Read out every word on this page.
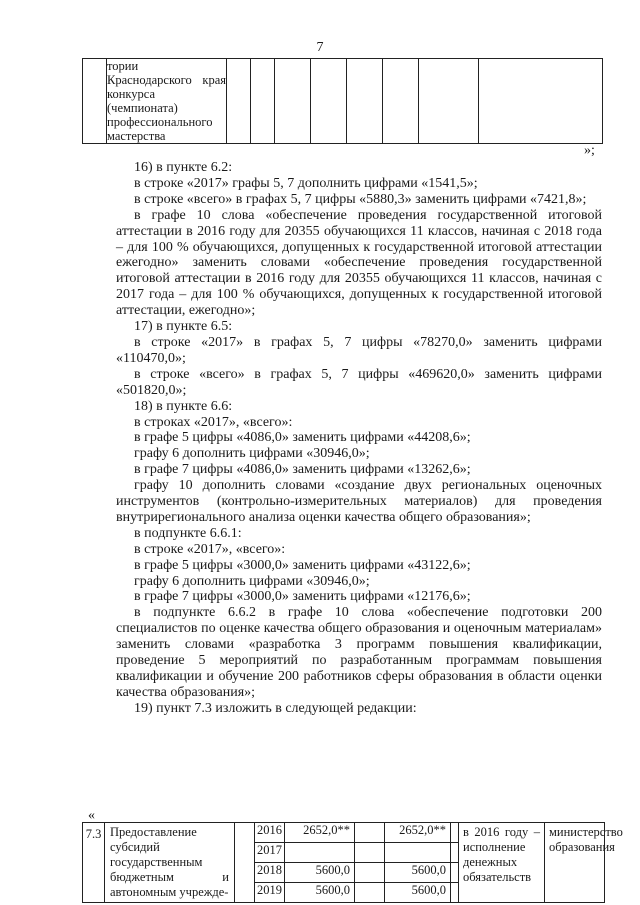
7
	тории Краснодарского края конкурса (чемпионата) профессионального мастерства								
»;

16) в пункте 6.2:

в строке «2017» графы 5, 7 дополнить цифрами «1541,5»;

в строке «всего» в графах 5, 7 цифры «5880,3» заменить цифрами «7421,8»;

в графе 10 слова «обеспечение проведения государственной итоговой аттестации в 2016 году для 20355 обучающихся 11 классов, начиная с 2018 года – для 100 % обучающихся, допущенных к государственной итоговой аттестации ежегодно» заменить словами «обеспечение проведения государственной итоговой аттестации в 2016 году для 20355 обучающихся 11 классов, начиная с 2017 года – для 100 % обучающихся, допущенных к государственной итоговой аттестации, ежегодно»;

17) в пункте 6.5:

в строке «2017» в графах 5, 7 цифры «78270,0» заменить цифрами «110470,0»;

в строке «всего» в графах 5, 7 цифры «469620,0» заменить цифрами «501820,0»;

18) в пункте 6.6:

в строках «2017», «всего»:

в графе 5 цифры «4086,0» заменить цифрами «44208,6»;

графу 6 дополнить цифрами «30946,0»;

в графе 7 цифры «4086,0» заменить цифрами «13262,6»;

графу 10 дополнить словами «создание двух региональных оценочных инструментов (контрольно-измерительных материалов) для проведения внутрирегионального анализа оценки качества общего образования»;

в подпункте 6.6.1:

в строке «2017», «всего»:

в графе 5 цифры «3000,0» заменить цифрами «43122,6»;

графу 6 дополнить цифрами «30946,0»;

в графе 7 цифры «3000,0» заменить цифрами «12176,6»;

в подпункте 6.6.2 в графе 10 слова «обеспечение подготовки 200 специалистов по оценке качества общего образования и оценочным материалам» заменить словами «разработка 3 программ повышения квалификации, проведение 5 мероприятий по разработанным программам повышения квалификации и обучение 200 работников сферы образования в области оценки качества образования»;

19) пункт 7.3 изложить в следующей редакции:

«
7.3	Предоставление субсидий государственным бюджетным и автономным учрежде-		2016	2652,0**		2652,0**		в 2016 году – исполнение денежных обязательств	министерство образования
			2017						
			2018	5600,0		5600,0			
			2019	5600,0		5600,0			
